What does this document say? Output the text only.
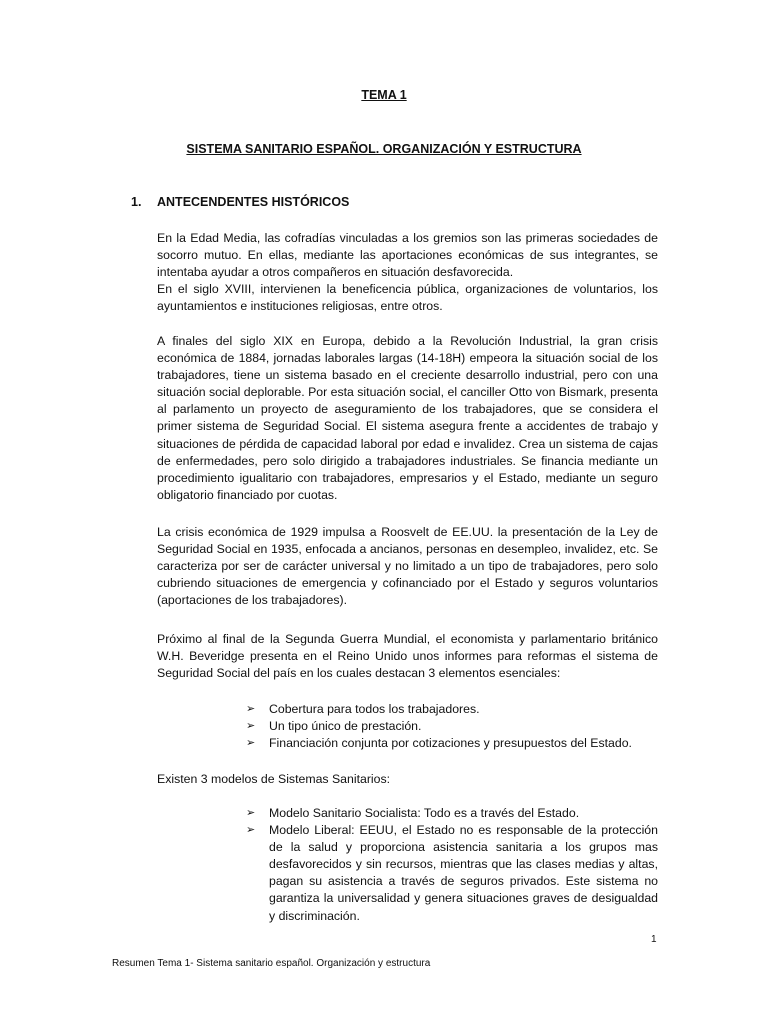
TEMA 1
SISTEMA SANITARIO ESPAÑOL. ORGANIZACIÓN Y ESTRUCTURA
1. ANTECENDENTES HISTÓRICOS

En la Edad Media, las cofradías vinculadas a los gremios son las primeras sociedades de socorro mutuo. En ellas, mediante las aportaciones económicas de sus integrantes, se intentaba ayudar a otros compañeros en situación desfavorecida.

En el siglo XVIII, intervienen la beneficencia pública, organizaciones de voluntarios, los ayuntamientos e instituciones religiosas, entre otros.

A finales del siglo XIX en Europa, debido a la Revolución Industrial, la gran crisis económica de 1884, jornadas laborales largas (14-18H) empeora la situación social de los trabajadores, tiene un sistema basado en el creciente desarrollo industrial, pero con una situación social deplorable. Por esta situación social, el canciller Otto von Bismark, presenta al parlamento un proyecto de aseguramiento de los trabajadores, que se considera el primer sistema de Seguridad Social. El sistema asegura frente a accidentes de trabajo y situaciones de pérdida de capacidad laboral por edad e invalidez. Crea un sistema de cajas de enfermedades, pero solo dirigido a trabajadores industriales. Se financia mediante un procedimiento igualitario con trabajadores, empresarios y el Estado, mediante un seguro obligatorio financiado por cuotas.

La crisis económica de 1929 impulsa a Roosvelt de EE.UU. la presentación de la Ley de Seguridad Social en 1935, enfocada a ancianos, personas en desempleo, invalidez, etc. Se caracteriza por ser de carácter universal y no limitado a un tipo de trabajadores, pero solo cubriendo situaciones de emergencia y cofinanciado por el Estado y seguros voluntarios (aportaciones de los trabajadores).

Próximo al final de la Segunda Guerra Mundial, el economista y parlamentario británico W.H. Beveridge presenta en el Reino Unido unos informes para reformas el sistema de Seguridad Social del país en los cuales destacan 3 elementos esenciales:

➢ Cobertura para todos los trabajadores.
➢ Un tipo único de prestación.
➢ Financiación conjunta por cotizaciones y presupuestos del Estado.

Existen 3 modelos de Sistemas Sanitarios:

➢ Modelo Sanitario Socialista: Todo es a través del Estado.
➢ Modelo Liberal: EEUU, el Estado no es responsable de la protección de la salud y proporciona asistencia sanitaria a los grupos mas desfavorecidos y sin recursos, mientras que las clases medias y altas, pagan su asistencia a través de seguros privados. Este sistema no garantiza la universalidad y genera situaciones graves de desigualdad y discriminación.
1
Resumen Tema 1- Sistema sanitario español. Organización y estructura
